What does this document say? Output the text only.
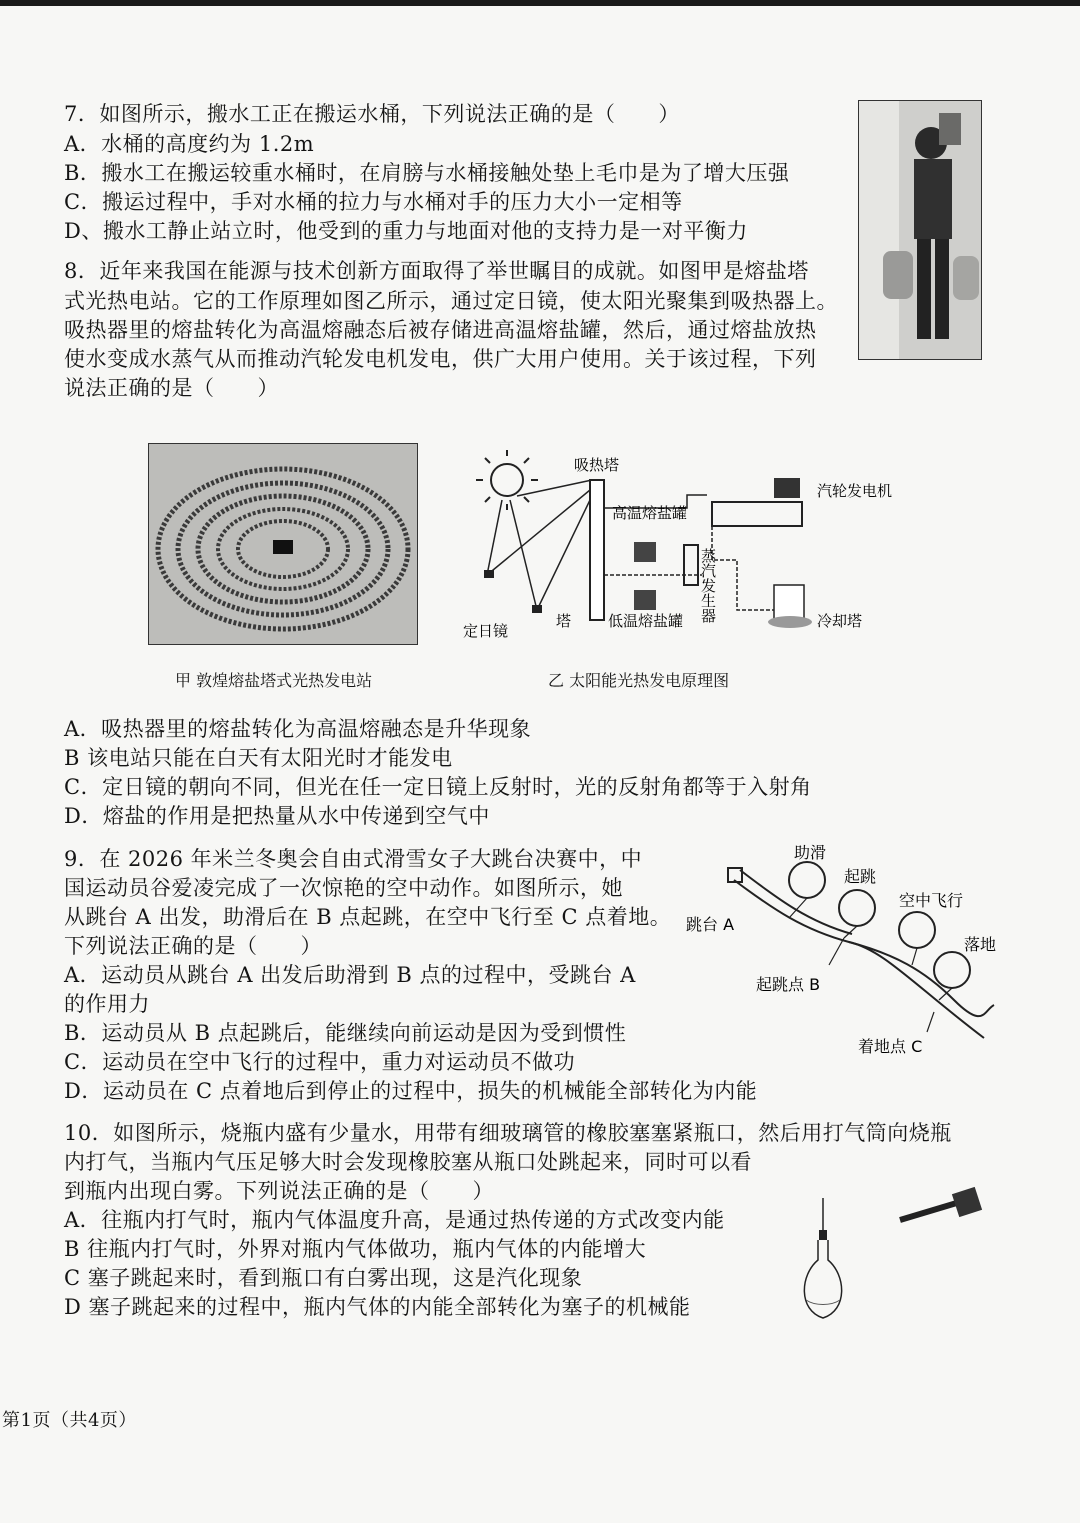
7．如图所示，搬水工正在搬运水桶，下列说法正确的是（　　）
A．水桶的高度约为 1.2m
B．搬水工在搬运较重水桶时，在肩膀与水桶接触处垫上毛巾是为了增大压强
C．搬运过程中，手对水桶的拉力与水桶对手的压力大小一定相等
D、搬水工静止站立时，他受到的重力与地面对他的支持力是一对平衡力
8．近年来我国在能源与技术创新方面取得了举世瞩目的成就。如图甲是熔盐塔
式光热电站。它的工作原理如图乙所示，通过定日镜，使太阳光聚集到吸热器上。
吸热器里的熔盐转化为高温熔融态后被存储进高温熔盐罐，然后，通过熔盐放热
使水变成水蒸气从而推动汽轮发电机发电，供广大用户使用。关于该过程，下列
说法正确的是（　　）
甲 敦煌熔盐塔式光热发电站
吸热塔
高温熔盐罐
汽轮发电机
定日镜
塔 低温熔盐罐	冷却塔
蒸汽发生器
乙 太阳能光热发电原理图
A．吸热器里的熔盐转化为高温熔融态是升华现象
B 该电站只能在白天有太阳光时才能发电
C．定日镜的朝向不同，但光在任一定日镜上反射时，光的反射角都等于入射角
D．熔盐的作用是把热量从水中传递到空气中
9．在 2026 年米兰冬奥会自由式滑雪女子大跳台决赛中，中
国运动员谷爱凌完成了一次惊艳的空中动作。如图所示，她
从跳台 A 出发，助滑后在 B 点起跳，在空中飞行至 C 点着地。
下列说法正确的是（　　）
A．运动员从跳台 A 出发后助滑到 B 点的过程中，受跳台 A
的作用力
B．运动员从 B 点起跳后，能继续向前运动是因为受到惯性
C．运动员在空中飞行的过程中，重力对运动员不做功
D．运动员在 C 点着地后到停止的过程中，损失的机械能全部转化为内能
助滑
起跳
空中飞行
落地
跳台 A
起跳点 B
着地点 C
10．如图所示，烧瓶内盛有少量水，用带有细玻璃管的橡胶塞塞紧瓶口，然后用打气筒向烧瓶
内打气，当瓶内气压足够大时会发现橡胶塞从瓶口处跳起来，同时可以看
到瓶内出现白雾。下列说法正确的是（　　）
A．往瓶内打气时，瓶内气体温度升高，是通过热传递的方式改变内能
B 往瓶内打气时，外界对瓶内气体做功，瓶内气体的内能增大
C 塞子跳起来时，看到瓶口有白雾出现，这是汽化现象
D 塞子跳起来的过程中，瓶内气体的内能全部转化为塞子的机械能
第1页（共4页）
